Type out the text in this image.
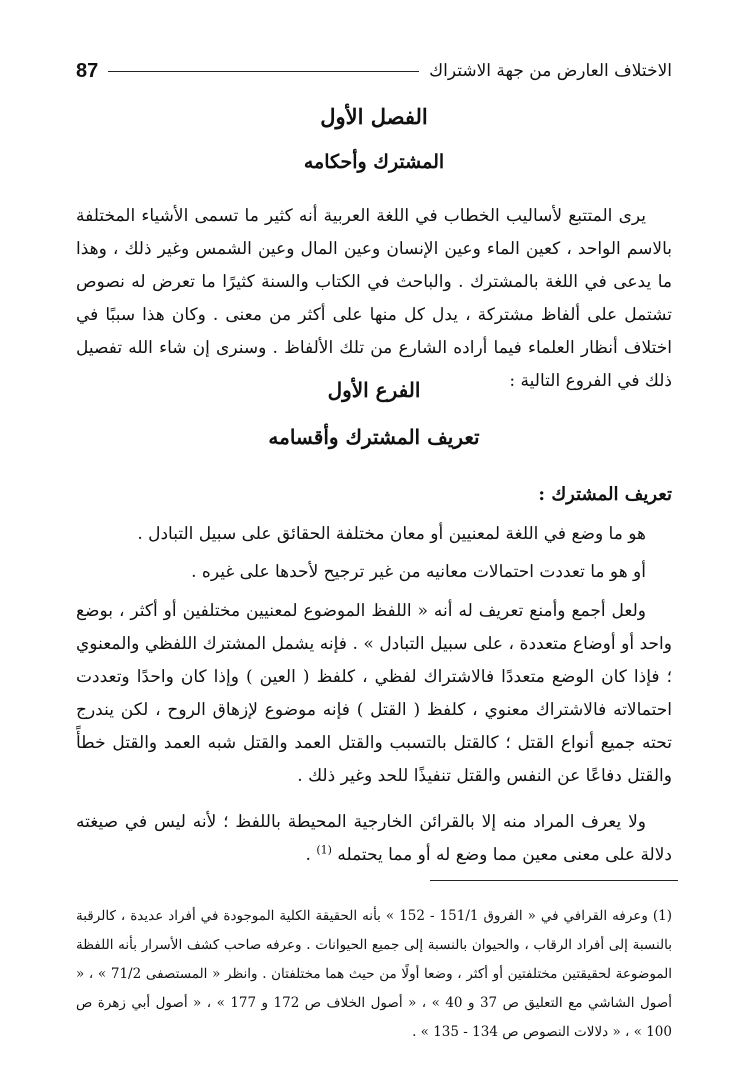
الاختلاف العارض من جهة الاشتراك
87
الفصل الأول
المشترك وأحكامه

يرى المتتبع لأساليب الخطاب في اللغة العربية أنه كثير ما تسمى الأشياء المختلفة بالاسم الواحد ، كعين الماء وعين الإنسان وعين المال وعين الشمس وغير ذلك ، وهذا ما يدعى في اللغة بالمشترك . والباحث في الكتاب والسنة كثيرًا ما تعرض له نصوص تشتمل على ألفاظ مشتركة ، يدل كل منها على أكثر من معنى . وكان هذا سببًا في اختلاف أنظار العلماء فيما أراده الشارع من تلك الألفاظ . وسنرى إن شاء الله تفصيل ذلك في الفروع التالية :

الفرع الأول
تعريف المشترك وأقسامه
تعريف المشترك :

هو ما وضع في اللغة لمعنيين أو معان مختلفة الحقائق على سبيل التبادل .

أو هو ما تعددت احتمالات معانيه من غير ترجيح لأحدها على غيره .

ولعل أجمع وأمنع تعريف له أنه « اللفظ الموضوع لمعنيين مختلفين أو أكثر ، بوضع واحد أو أوضاع متعددة ، على سبيل التبادل » . فإنه يشمل المشترك اللفظي والمعنوي ؛ فإذا كان الوضع متعددًا فالاشتراك لفظي ، كلفظ ( العين ) وإذا كان واحدًا وتعددت احتمالاته فالاشتراك معنوي ، كلفظ ( القتل ) فإنه موضوع لإزهاق الروح ، لكن يندرج تحته جميع أنواع القتل ؛ كالقتل بالتسبب والقتل العمد والقتل شبه العمد والقتل خطأً والقتل دفاعًا عن النفس والقتل تنفيذًا للحد وغير ذلك .

ولا يعرف المراد منه إلا بالقرائن الخارجية المحيطة باللفظ ؛ لأنه ليس في صيغته دلالة على معنى معين مما وضع له أو مما يحتمله $^{(1)}$ .

(1) وعرفه القرافي في « الفروق 151/1 - 152 » بأنه الحقيقة الكلية الموجودة في أفراد عديدة ، كالرقبة بالنسبة إلى أفراد الرقاب ، والحيوان بالنسبة إلى جميع الحيوانات . وعرفه صاحب كشف الأسرار بأنه اللفظة الموضوعة لحقيقتين مختلفتين أو أكثر ، وضعا أولًا من حيث هما مختلفتان . وانظر « المستصفى 71/2 » ، « أصول الشاشي مع التعليق ص 37 و 40 » ، « أصول الخلاف ص 172 و 177 » ، « أصول أبي زهرة ص 100 » ، « دلالات النصوص ص 134 - 135 » .
